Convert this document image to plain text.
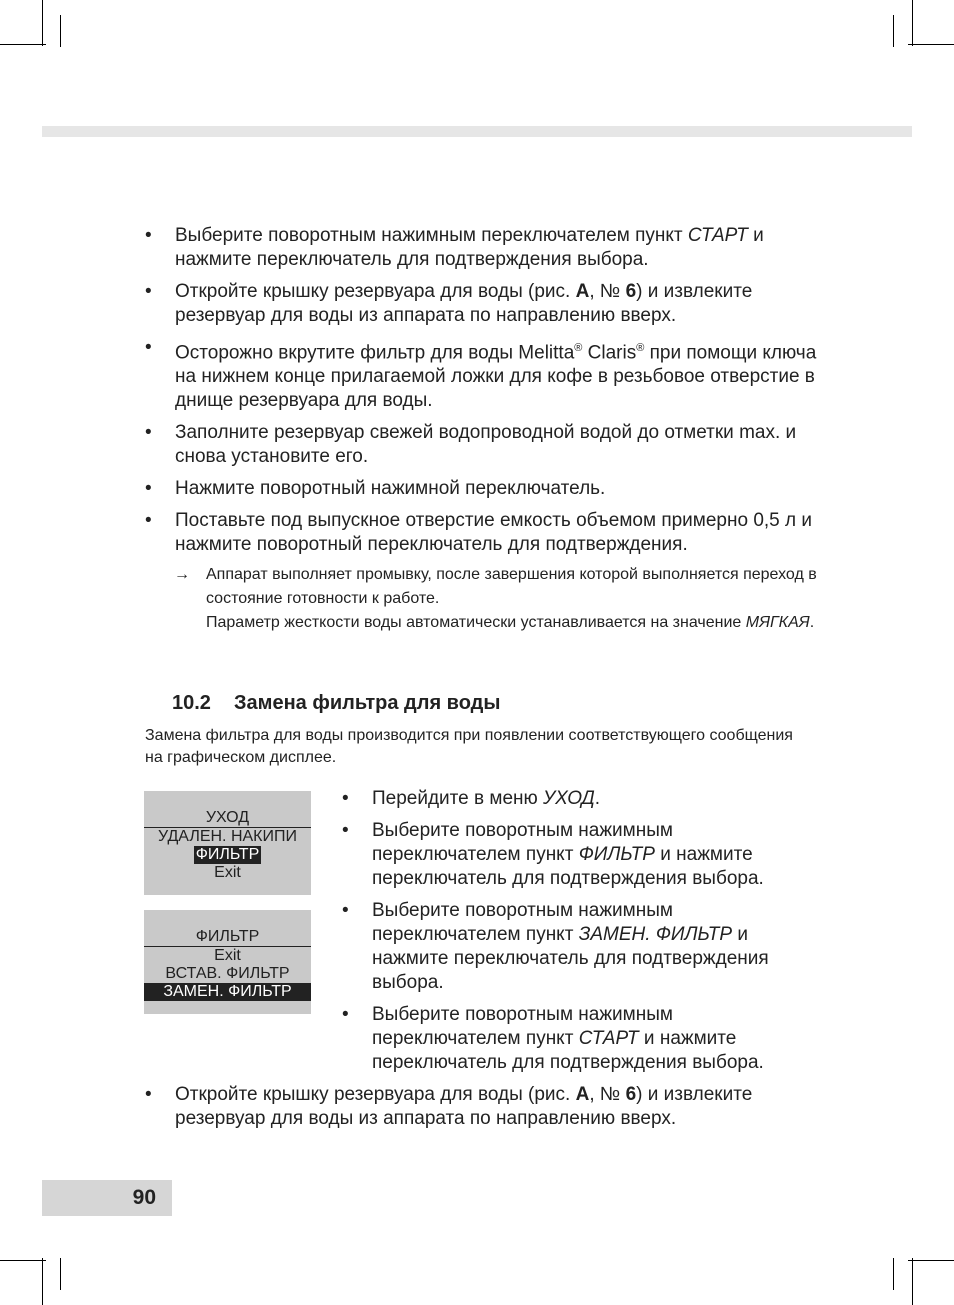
• Выберите поворотным нажимным переключателем пункт СТАРТ и нажмите переключатель для подтверждения выбора.
• Откройте крышку резервуара для воды (рис. A, № 6) и извлеките резервуар для воды из аппарата по направлению вверх.
• Осторожно вкрутите фильтр для воды Melitta® Claris® при помощи ключа на нижнем конце прилагаемой ложки для кофе в резьбовое отверстие в днище резервуара для воды.
• Заполните резервуар свежей водопроводной водой до отметки max. и снова установите его.
• Нажмите поворотный нажимной переключатель.
• Поставьте под выпускное отверстие емкость объемом примерно 0,5 л и нажмите поворотный переключатель для подтверждения.
→ Аппарат выполняет промывку, после завершения которой выполняется переход в состояние готовности к работе.
Параметр жесткости воды автоматически устанавливается на значение МЯГКАЯ.
10.2 Замена фильтра для воды
Замена фильтра для воды производится при появлении соответствующего сообщения на графическом дисплее.
УХОД
УДАЛЕН. НАКИПИ
ФИЛЬТР
Exit
ФИЛЬТР
Exit
ВСТАВ. ФИЛЬТР
ЗАМЕН. ФИЛЬТР
• Перейдите в меню УХОД.
• Выберите поворотным нажимным переключателем пункт ФИЛЬТР и нажмите переключатель для подтверждения выбора.
• Выберите поворотным нажимным переключателем пункт ЗАМЕН. ФИЛЬТР и нажмите переключатель для подтверждения выбора.
• Выберите поворотным нажимным переключателем пункт СТАРТ и нажмите переключатель для подтверждения выбора.
• Откройте крышку резервуара для воды (рис. A, № 6) и извлеките резервуар для воды из аппарата по направлению вверх.
90
